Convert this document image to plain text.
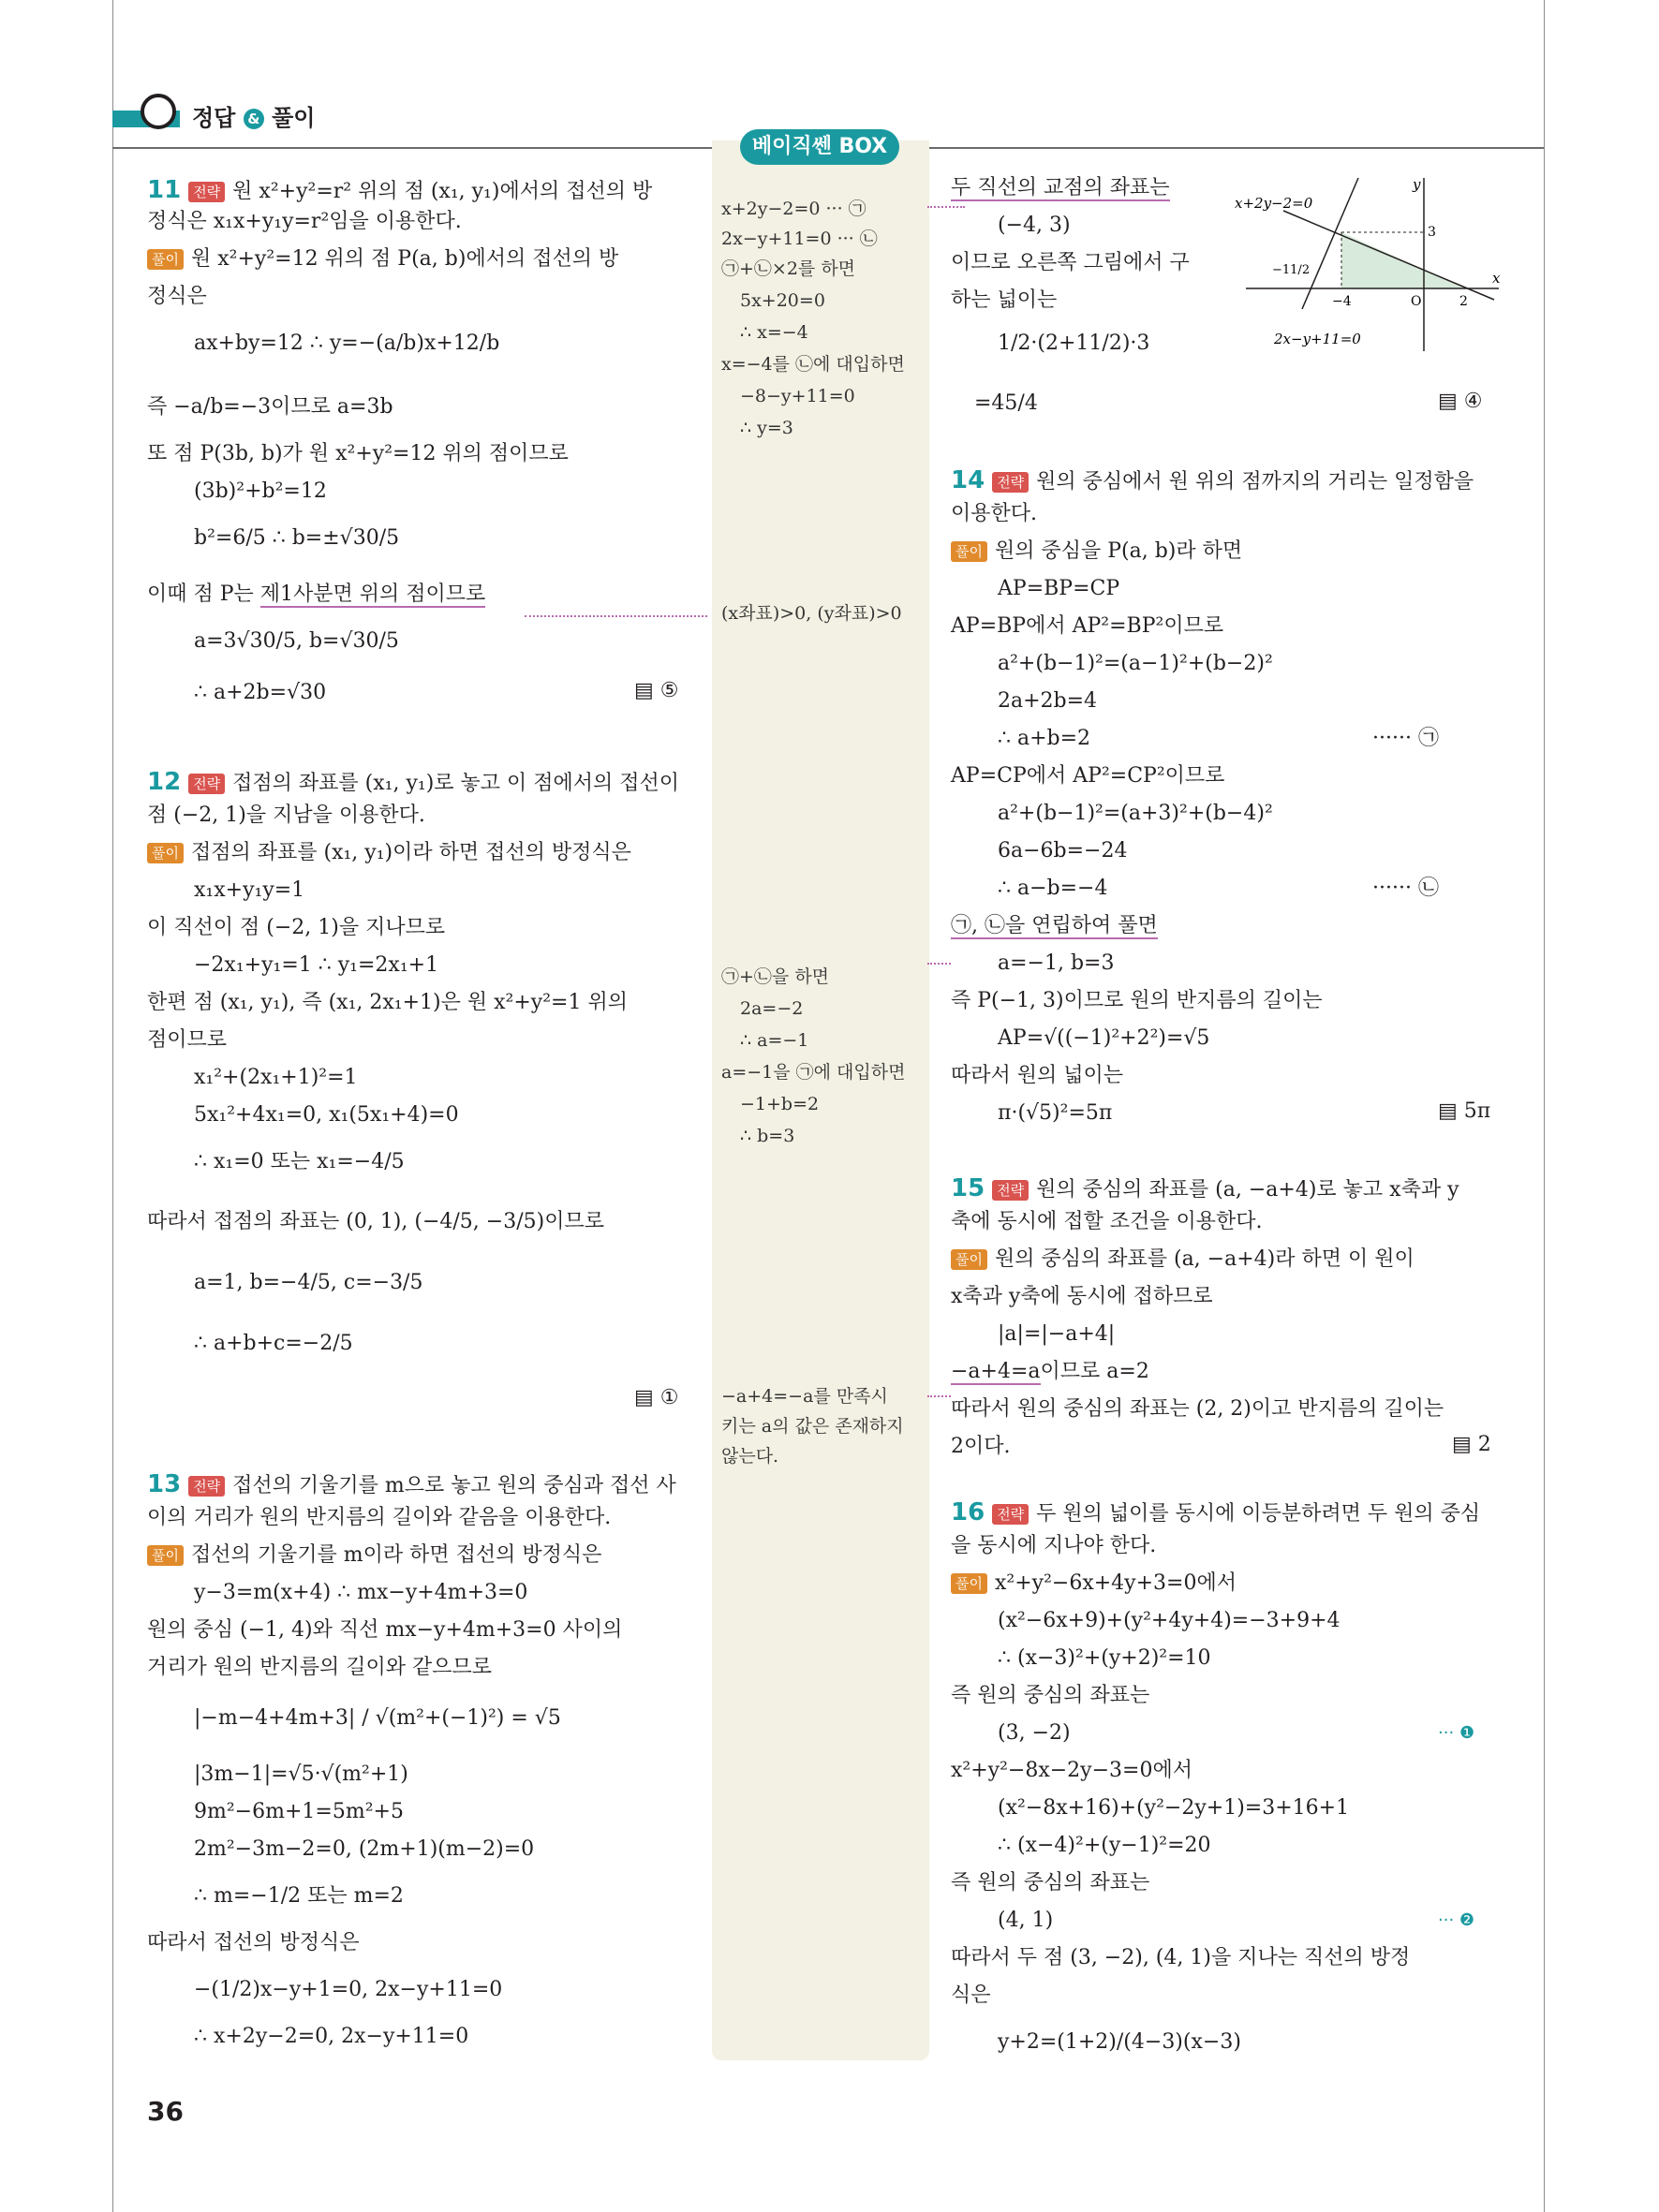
정답 & 풀이
베이직쎈 BOX
11 전략 원 x²+y²=r² 위의 점 (x₁, y₁)에서의 접선의 방
정식은 x₁x+y₁y=r²임을 이용한다.
풀이 원 x²+y²=12 위의 점 P(a, b)에서의 접선의 방
정식은
ax+by=12 ∴ y=−(a/b)x+12/b
즉 −a/b=−3이므로 a=3b
또 점 P(3b, b)가 원 x²+y²=12 위의 점이므로
(3b)²+b²=12
b²=6/5 ∴ b=±√30/5
이때 점 P는 제1사분면 위의 점이므로
a=3√30/5, b=√30/5
∴ a+2b=√30	▤ ⑤
12 전략 접점의 좌표를 (x₁, y₁)로 놓고 이 점에서의 접선이
점 (−2, 1)을 지남을 이용한다.
풀이 접점의 좌표를 (x₁, y₁)이라 하면 접선의 방정식은
x₁x+y₁y=1
이 직선이 점 (−2, 1)을 지나므로
−2x₁+y₁=1 ∴ y₁=2x₁+1
한편 점 (x₁, y₁), 즉 (x₁, 2x₁+1)은 원 x²+y²=1 위의
점이므로
x₁²+(2x₁+1)²=1
5x₁²+4x₁=0, x₁(5x₁+4)=0
∴ x₁=0 또는 x₁=−4/5
따라서 접점의 좌표는 (0, 1), (−4/5, −3/5)이므로
a=1, b=−4/5, c=−3/5
∴ a+b+c=−2/5
▤ ①
13 전략 접선의 기울기를 m으로 놓고 원의 중심과 접선 사
이의 거리가 원의 반지름의 길이와 같음을 이용한다.
풀이 접선의 기울기를 m이라 하면 접선의 방정식은
y−3=m(x+4) ∴ mx−y+4m+3=0
원의 중심 (−1, 4)와 직선 mx−y+4m+3=0 사이의
거리가 원의 반지름의 길이와 같으므로
|−m−4+4m+3| / √(m²+(−1)²) = √5
|3m−1|=√5·√(m²+1)
9m²−6m+1=5m²+5
2m²−3m−2=0, (2m+1)(m−2)=0
∴ m=−1/2 또는 m=2
따라서 접선의 방정식은
−(1/2)x−y+1=0, 2x−y+11=0
∴ x+2y−2=0, 2x−y+11=0
x+2y−2=0 ··· ㉠
2x−y+11=0 ··· ㉡
㉠+㉡×2를 하면
5x+20=0
∴ x=−4
x=−4를 ㉡에 대입하면
−8−y+11=0
∴ y=3
(x좌표)>0, (y좌표)>0
㉠+㉡을 하면
2a=−2
∴ a=−1
a=−1을 ㉠에 대입하면
−1+b=2
∴ b=3
−a+4=−a를 만족시
키는 a의 값은 존재하지
않는다.
두 직선의 교점의 좌표는
(−4, 3)
이므로 오른쪽 그림에서 구
하는 넓이는
1/2·(2+11/2)·3
=45/4	▤ ④
14 전략 원의 중심에서 원 위의 점까지의 거리는 일정함을
이용한다.
풀이 원의 중심을 P(a, b)라 하면
AP=BP=CP
AP=BP에서 AP²=BP²이므로
a²+(b−1)²=(a−1)²+(b−2)²
2a+2b=4
∴ a+b=2	······ ㉠
AP=CP에서 AP²=CP²이므로
a²+(b−1)²=(a+3)²+(b−4)²
6a−6b=−24
∴ a−b=−4	······ ㉡
㉠, ㉡을 연립하여 풀면
a=−1, b=3
즉 P(−1, 3)이므로 원의 반지름의 길이는
AP=√((−1)²+2²)=√5
따라서 원의 넓이는
π·(√5)²=5π	▤ 5π
15 전략 원의 중심의 좌표를 (a, −a+4)로 놓고 x축과 y
축에 동시에 접할 조건을 이용한다.
풀이 원의 중심의 좌표를 (a, −a+4)라 하면 이 원이
x축과 y축에 동시에 접하므로
|a|=|−a+4|
−a+4=a이므로 a=2
따라서 원의 중심의 좌표는 (2, 2)이고 반지름의 길이는
2이다.	▤ 2
16 전략 두 원의 넓이를 동시에 이등분하려면 두 원의 중심
을 동시에 지나야 한다.
풀이 x²+y²−6x+4y+3=0에서
(x²−6x+9)+(y²+4y+4)=−3+9+4
∴ (x−3)²+(y+2)²=10
즉 원의 중심의 좌표는
(3, −2)	··· ❶
x²+y²−8x−2y−3=0에서
(x²−8x+16)+(y²−2y+1)=3+16+1
∴ (x−4)²+(y−1)²=20
즉 원의 중심의 좌표는
(4, 1)	··· ❷
따라서 두 점 (3, −2), (4, 1)을 지나는 직선의 방정
식은
y+2=(1+2)/(4−3)(x−3)
x+2y−2=0
2x−y+11=0
y
x
3
−11/2
−4	O	2
36
